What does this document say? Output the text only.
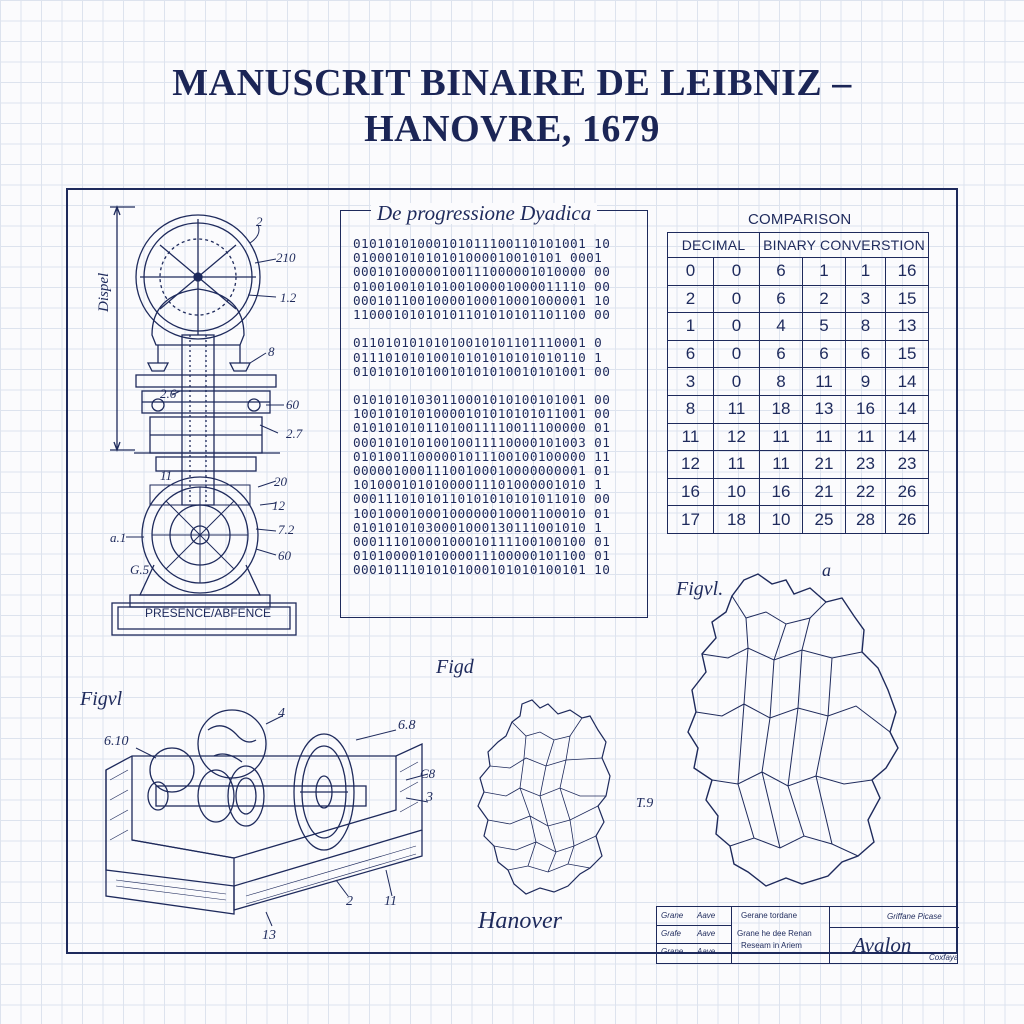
MANUSCRIT BINAIRE DE LEIBNIZ –
HANOVRE, 1679
Dispel
PRESENCE/ABFENCE
2
210
1.2
8
60
2.7
2.6
11	20
12
7.2
60
a.1
G.5
De progressione Dyadica
01010101000101011100110101001 10
01000101010101000010010101 0001
00010100000100111000001010000 00
01001001010100100001000011110 00
00010110010000100010001000001 10
11000101010101101010101101100 00
01101010101010010101101110001 0
01110101010010101010101010110 1
01010101010010101010010101001 00
01010101030110001010100101001 00
10010101010000101010101011001 00
01010101011010011110011100000 01
00010101010010011110000101003 01
01010011000001011100100100000 11
00000100011100100010000000001 01
10100010101000011101000001010 1
00011101010110101010101011010 00
10010001000100000010001100010 01
01010101030001000130111001010 1
00011101000100010111100100100 01
01010000101000011100000101100 01
00010111010101000101010100101 10
COMPARISON
DECIMAL		BINARY CONVERSTION			
0	0	6	1	1	16
2	0	6	2	3	15
1	0	4	5	8	13
6	0	6	6	6	15
3	0	8	11	9	14
8	11	18	13	16	14
11	12	11	11	11	14
12	11	11	21	23	23
16	10	16	21	22	26
17	18	10	25	28	26
Figvl
6.10
4
6.8
C8
3
2 11
13
Figd
T.9
Hanover
Figvl.
a
Grane Aave
Grafe Aave
Grane Aave
Gerane tordane
Grane he dee Renan
Reseam in Ariem
Griffane Picase
Avalon
Coxfaya
